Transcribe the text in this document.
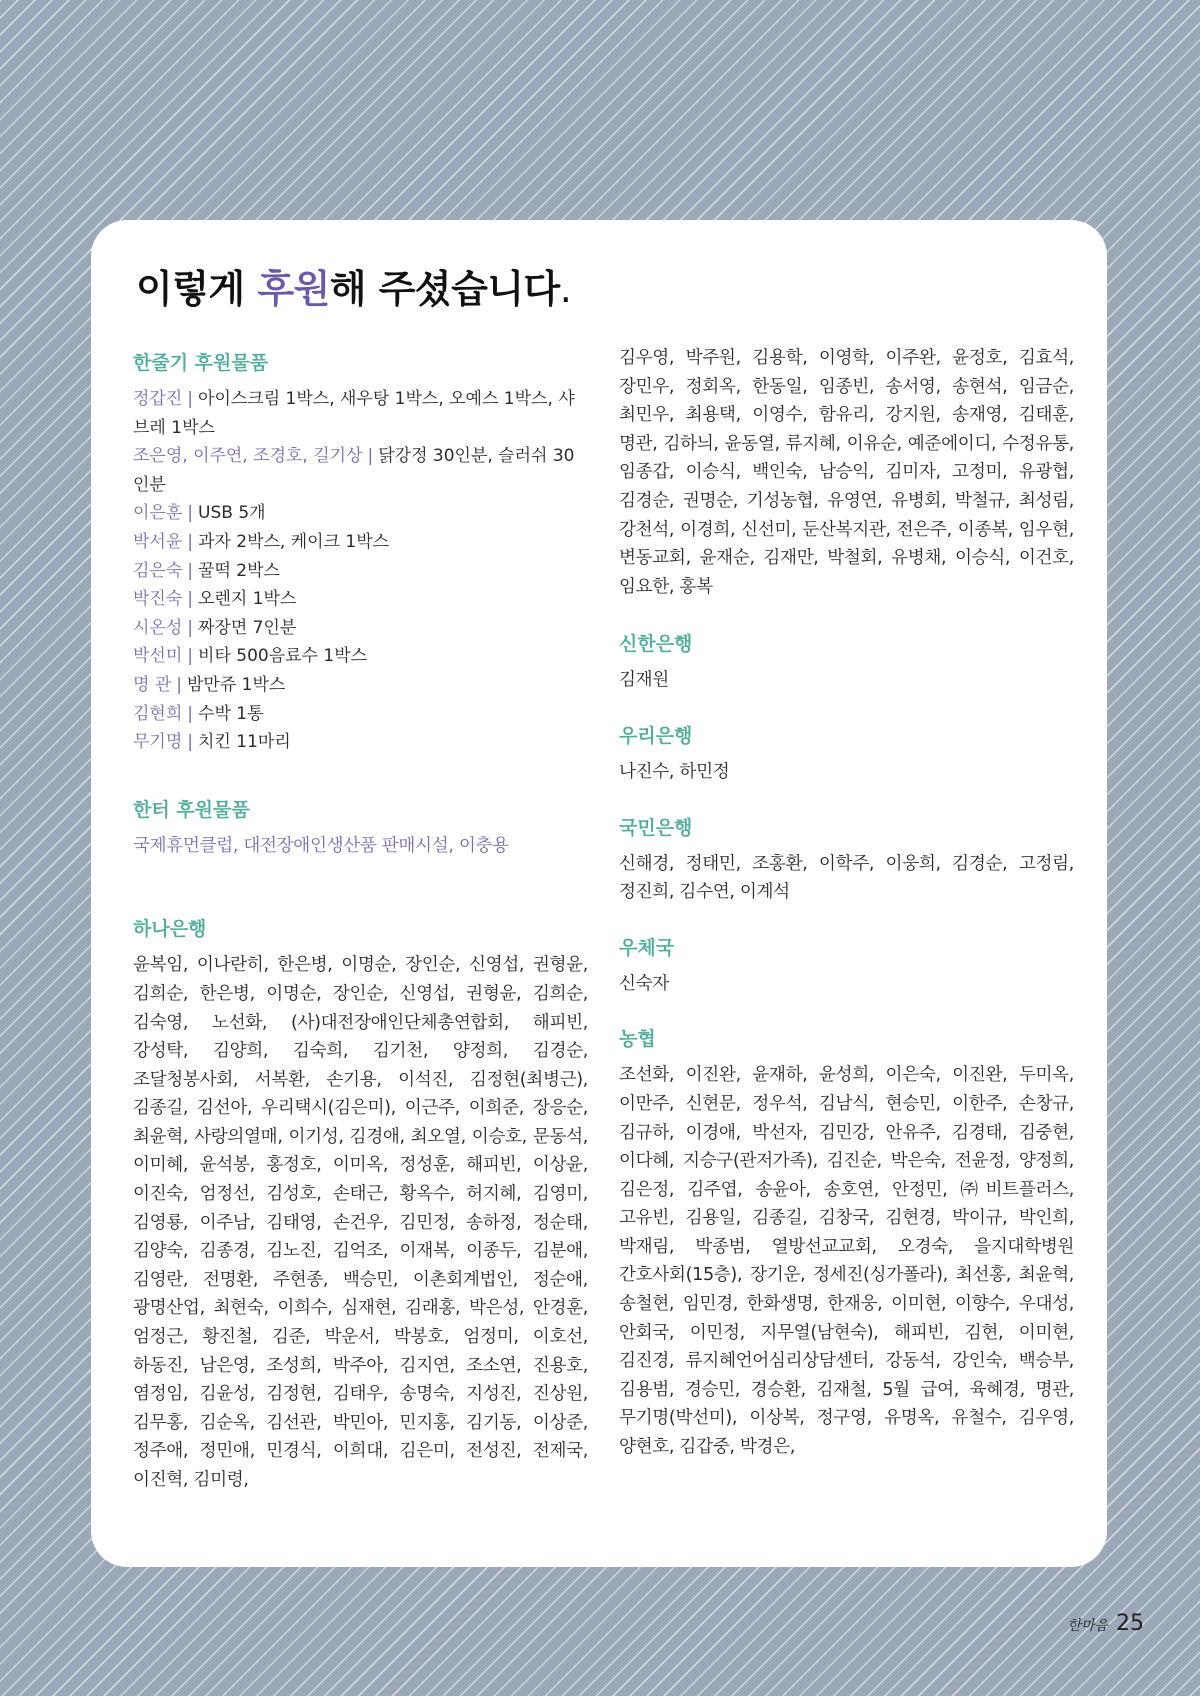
이렇게 후원해 주셨습니다.
한줄기 후원물품

정갑진 | 아이스크림 1박스, 새우탕 1박스, 오예스 1박스, 샤브레 1박스

조은영, 이주연, 조경호, 길기상 | 닭강정 30인분, 슬러쉬 30인분

이은훈 | USB 5개

박서윤 | 과자 2박스, 케이크 1박스

김은숙 | 꿀떡 2박스

박진숙 | 오렌지 1박스

시온성 | 짜장면 7인분

박선미 | 비타 500음료수 1박스

명 관 | 밤만쥬 1박스

김현희 | 수박 1통

무기명 | 치킨 11마리

한터 후원물품

국제휴먼클럽, 대전장애인생산품 판매시설, 이충용

하나은행

윤복임, 이나란히, 한은병, 이명순, 장인순, 신영섭, 권형윤, 김희순, 한은병, 이명순, 장인순, 신영섭, 권형윤, 김희순, 김숙영, 노선화, (사)대전장애인단체총연합회, 해피빈, 강성탁, 김양희, 김숙희, 김기천, 양정희, 김경순, 조달청봉사회, 서복환, 손기용, 이석진, 김정현(최병근), 김종길, 김선아, 우리택시(김은미), 이근주, 이희준, 장응순, 최윤혁, 사랑의열매, 이기성, 김경애, 최오열, 이승호, 문동석, 이미혜, 윤석봉, 홍정호, 이미옥, 정성훈, 해피빈, 이상윤, 이진숙, 엄정선, 김성호, 손태근, 황옥수, 허지혜, 김영미, 김영룡, 이주남, 김태영, 손건우, 김민정, 송하정, 정순태, 김양숙, 김종경, 김노진, 김억조, 이재복, 이종두, 김분애, 김영란, 전명환, 주현종, 백승민, 이촌회계법인, 정순애, 광명산업, 최현숙, 이희수, 심재현, 김래홍, 박은성, 안경훈, 엄정근, 황진철, 김준, 박운서, 박봉호, 엄정미, 이호선, 하동진, 남은영, 조성희, 박주아, 김지연, 조소연, 진용호, 염정임, 김윤성, 김정현, 김태우, 송명숙, 지성진, 진상원, 김무홍, 김순옥, 김선관, 박민아, 민지홍, 김기동, 이상준, 정주애, 정민애, 민경식, 이희대, 김은미, 전성진, 전제국, 이진혁, 김미령,

김우영, 박주원, 김용학, 이영학, 이주완, 윤정호, 김효석, 장민우, 정회옥, 한동일, 임종빈, 송서영, 송현석, 임금순, 최민우, 최용택, 이영수, 함유리, 강지원, 송재영, 김태훈, 명관, 김하늬, 윤동열, 류지혜, 이유순, 예준에이디, 수정유통, 임종갑, 이승식, 백인숙, 남승익, 김미자, 고정미, 유광협, 김경순, 권명순, 기성농협, 유영연, 유병회, 박철규, 최성림, 강천석, 이경희, 신선미, 둔산복지관, 전은주, 이종복, 임우현, 변동교회, 윤재순, 김재만, 박철회, 유병채, 이승식, 이건호, 임요한, 홍복

신한은행

김재원

우리은행

나진수, 하민정

국민은행

신해경, 정태민, 조홍환, 이학주, 이웅희, 김경순, 고정림, 정진희, 김수연, 이계석

우체국

신숙자

농협

조선화, 이진완, 윤재하, 윤성희, 이은숙, 이진완, 두미옥, 이만주, 신현문, 정우석, 김남식, 현승민, 이한주, 손창규, 김규하, 이경애, 박선자, 김민강, 안유주, 김경태, 김중현, 이다혜, 지승구(관저가족), 김진순, 박은숙, 전윤정, 양정희, 김은정, 김주엽, 송윤아, 송호연, 안정민, ㈜비트플러스, 고유빈, 김용일, 김종길, 김창국, 김현경, 박이규, 박인희, 박재림, 박종범, 열방선교교회, 오경숙, 을지대학병원 간호사회(15층), 장기운, 정세진(싱가폴라), 최선홍, 최윤혁, 송철현, 임민경, 한화생명, 한재웅, 이미현, 이향수, 우대성, 안회국, 이민정, 지무열(남현숙), 해피빈, 김현, 이미현, 김진경, 류지혜언어심리상담센터, 강동석, 강인숙, 백승부, 김용범, 경승민, 경승환, 김재철, 5월 급여, 육혜경, 명관, 무기명(박선미), 이상복, 정구영, 유명옥, 유철수, 김우영, 양현호, 김갑중, 박경은,

한마음 25
